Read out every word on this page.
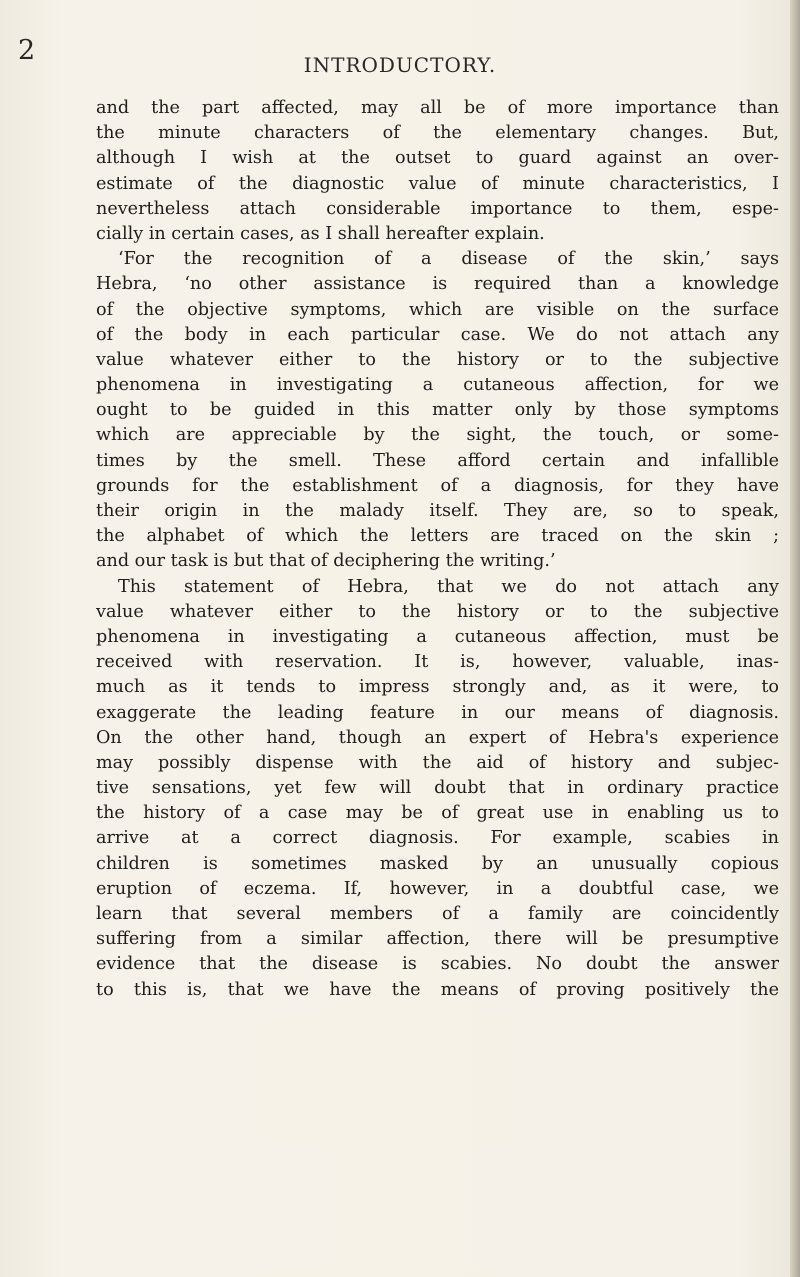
2	INTRODUCTORY.
and the part affected, may all be of more importance than
the minute characters of the elementary changes. But,
although I wish at the outset to guard against an over-
estimate of the diagnostic value of minute characteristics, I
nevertheless attach considerable importance to them, espe-
cially in certain cases, as I shall hereafter explain.
‘For the recognition of a disease of the skin,’ says
Hebra, ‘no other assistance is required than a knowledge
of the objective symptoms, which are visible on the surface
of the body in each particular case. We do not attach any
value whatever either to the history or to the subjective
phenomena in investigating a cutaneous affection, for we
ought to be guided in this matter only by those symptoms
which are appreciable by the sight, the touch, or some-
times by the smell. These afford certain and infallible
grounds for the establishment of a diagnosis, for they have
their origin in the malady itself. They are, so to speak,
the alphabet of which the letters are traced on the skin ;
and our task is but that of deciphering the writing.’
This statement of Hebra, that we do not attach any
value whatever either to the history or to the subjective
phenomena in investigating a cutaneous affection, must be
received with reservation. It is, however, valuable, inas-
much as it tends to impress strongly and, as it were, to
exaggerate the leading feature in our means of diagnosis.
On the other hand, though an expert of Hebra's experience
may possibly dispense with the aid of history and subjec-
tive sensations, yet few will doubt that in ordinary practice
the history of a case may be of great use in enabling us to
arrive at a correct diagnosis. For example, scabies in
children is sometimes masked by an unusually copious
eruption of eczema. If, however, in a doubtful case, we
learn that several members of a family are coincidently
suffering from a similar affection, there will be presumptive
evidence that the disease is scabies. No doubt the answer
to this is, that we have the means of proving positively the
